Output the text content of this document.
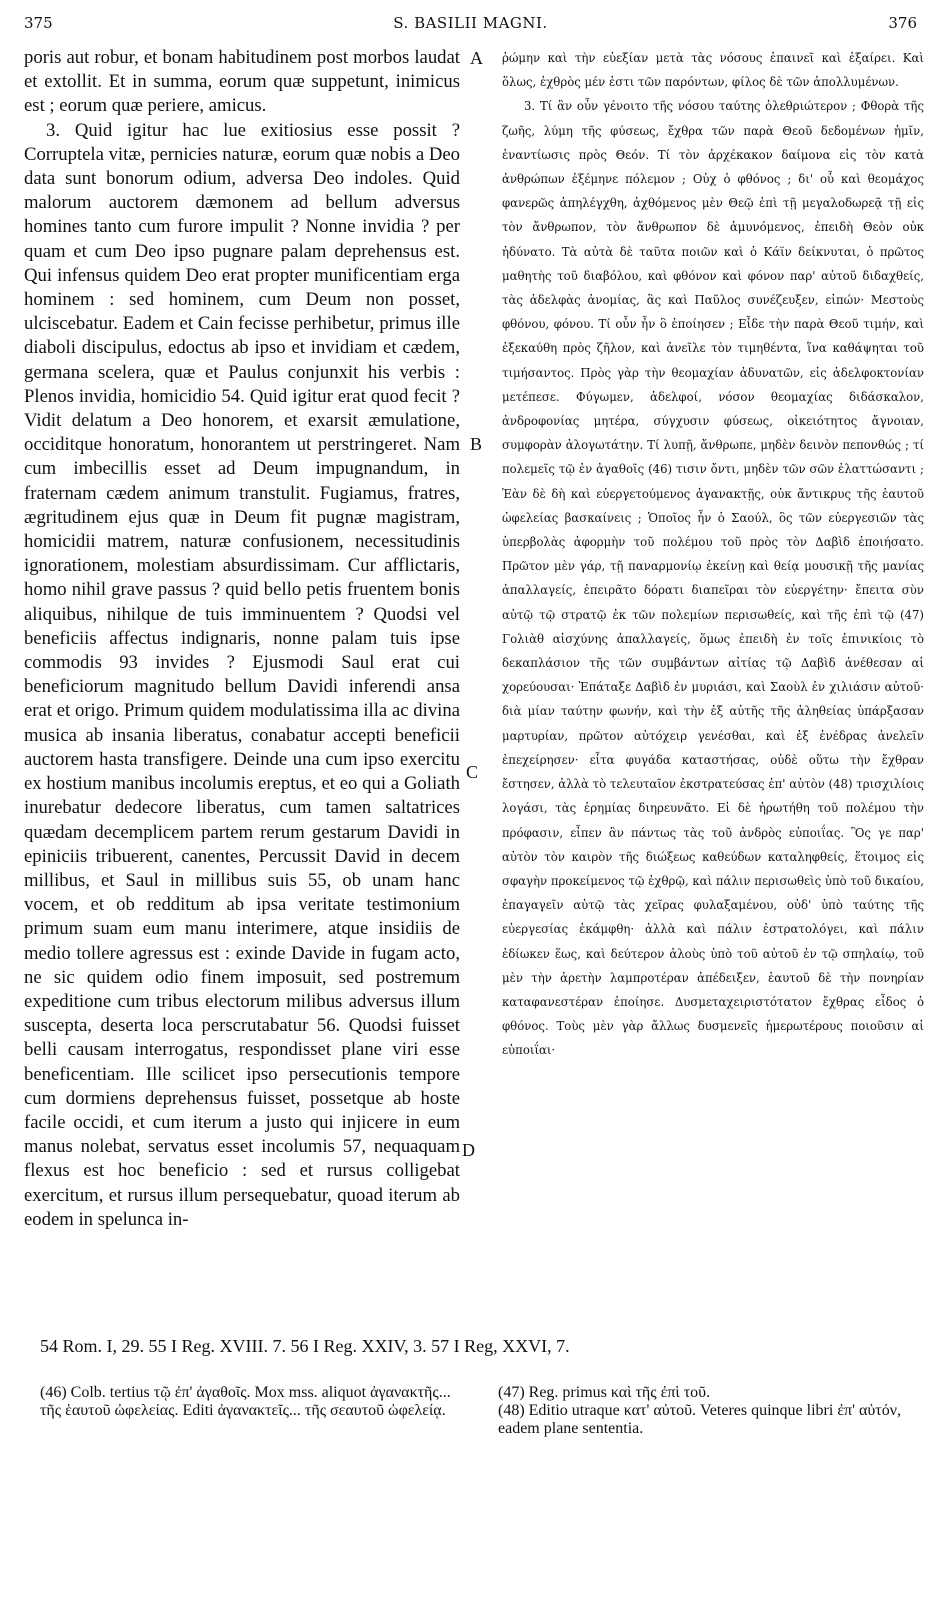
375	S. BASILII MAGNI.	376

poris aut robur, et bonam habitudinem post morbos laudat et extollit. Et in summa, eorum quæ suppetunt, inimicus est ; eorum quæ periere, amicus.

3. Quid igitur hac lue exitiosius esse possit ? Corruptela vitæ, pernicies naturæ, eorum quæ nobis a Deo data sunt bonorum odium, adversa Deo indoles. Quid malorum auctorem dæmonem ad bellum adversus homines tanto cum furore impulit ? Nonne invidia ? per quam et cum Deo ipso pugnare palam deprehensus est. Qui infensus quidem Deo erat propter munificentiam erga hominem : sed hominem, cum Deum non posset, ulciscebatur. Eadem et Cain fecisse perhibetur, primus ille diaboli discipulus, edoctus ab ipso et invidiam et cædem, germana scelera, quæ et Paulus conjunxit his verbis : Plenos invidia, homicidio 54. Quid igitur erat quod fecit ? Vidit delatum a Deo honorem, et exarsit æmulatione, occiditque honoratum, honorantem ut perstringeret. Nam cum imbecillis esset ad Deum impugnandum, in fraternam cædem animum transtulit. Fugiamus, fratres, ægritudinem ejus quæ in Deum fit pugnæ magistram, homicidii matrem, naturæ confusionem, necessitudinis ignorationem, molestiam absurdissimam. Cur afflictaris, homo nihil grave passus ? quid bello petis fruentem bonis aliquibus, nihilque de tuis imminuentem ? Quodsi vel beneficiis affectus indignaris, nonne palam tuis ipse commodis 93 invides ? Ejusmodi Saul erat cui beneficiorum magnitudo bellum Davidi inferendi ansa erat et origo. Primum quidem modulatissima illa ac divina musica ab insania liberatus, conabatur accepti beneficii auctorem hasta transfigere. Deinde una cum ipso exercitu ex hostium manibus incolumis ereptus, et eo qui a Goliath inurebatur dedecore liberatus, cum tamen saltatrices quædam decemplicem partem rerum gestarum Davidi in epiniciis tribuerent, canentes, Percussit David in decem millibus, et Saul in millibus suis 55, ob unam hanc vocem, et ob redditum ab ipsa veritate testimonium primum suam eum manu interimere, atque insidiis de medio tollere agressus est : exinde Davide in fugam acto, ne sic quidem odio finem imposuit, sed postremum expeditione cum tribus electorum milibus adversus illum suscepta, deserta loca perscrutabatur 56. Quodsi fuisset belli causam interrogatus, respondisset plane viri esse beneficentiam. Ille scilicet ipso persecutionis tempore cum dormiens deprehensus fuisset, possetque ab hoste facile occidi, et cum iterum a justo qui injicere in eum manus nolebat, servatus esset incolumis 57, nequaquam flexus est hoc beneficio : sed et rursus colligebat exercitum, et rursus illum persequebatur, quoad iterum ab eodem in spelunca in-

A
B
C
D

ῥώμην καὶ τὴν εὐεξίαν μετὰ τὰς νόσους ἐπαινεῖ καὶ ἐξαίρει. Καὶ ὅλως, ἐχθρὸς μέν ἐστι τῶν παρόντων, φίλος δὲ τῶν ἀπολλυμένων.

3. Τί ἂν οὖν γένοιτο τῆς νόσου ταύτης ὀλεθριώτερον ; Φθορὰ τῆς ζωῆς, λύμη τῆς φύσεως, ἔχθρα τῶν παρὰ Θεοῦ δεδομένων ἡμῖν, ἐναντίωσις πρὸς Θεόν. Τί τὸν ἀρχέκακον δαίμονα εἰς τὸν κατὰ ἀνθρώπων ἐξέμηνε πόλεμον ; Οὐχ ὁ φθόνος ; δι' οὗ καὶ θεομάχος φανερῶς ἀπηλέγχθη, ἀχθόμενος μὲν Θεῷ ἐπὶ τῇ μεγαλοδωρεᾷ τῇ εἰς τὸν ἄνθρωπον, τὸν ἄνθρωπον δὲ ἀμυνόμενος, ἐπειδὴ Θεὸν οὐκ ἠδύνατο. Τὰ αὐτὰ δὲ ταῦτα ποιῶν καὶ ὁ Κάϊν δείκνυται, ὁ πρῶτος μαθητὴς τοῦ διαβόλου, καὶ φθόνον καὶ φόνον παρ' αὐτοῦ διδαχθείς, τὰς ἀδελφὰς ἀνομίας, ἃς καὶ Παῦλος συνέζευξεν, εἰπών· Μεστοὺς φθόνου, φόνου. Τί οὖν ἦν ὃ ἐποίησεν ; Εἶδε τὴν παρὰ Θεοῦ τιμήν, καὶ ἐξεκαύθη πρὸς ζῆλον, καὶ ἀνεῖλε τὸν τιμηθέντα, ἵνα καθάψηται τοῦ τιμήσαντος. Πρὸς γὰρ τὴν θεομαχίαν ἀδυνατῶν, εἰς ἀδελφοκτονίαν μετέπεσε. Φύγωμεν, ἀδελφοί, νόσον θεομαχίας διδάσκαλον, ἀνδροφονίας μητέρα, σύγχυσιν φύσεως, οἰκειότητος ἄγνοιαν, συμφορὰν ἀλογωτάτην. Τί λυπῇ, ἄνθρωπε, μηδὲν δεινὸν πεπονθώς ; τί πολεμεῖς τῷ ἐν ἀγαθοῖς (46) τισιν ὄντι, μηδὲν τῶν σῶν ἐλαττώσαντι ; Ἐὰν δὲ δὴ καὶ εὐεργετούμενος ἀγανακτῇς, οὐκ ἄντικρυς τῆς ἑαυτοῦ ὠφελείας βασκαίνεις ; Ὁποῖος ἦν ὁ Σαούλ, ὃς τῶν εὐεργεσιῶν τὰς ὑπερβολὰς ἀφορμὴν τοῦ πολέμου τοῦ πρὸς τὸν Δαβὶδ ἐποιήσατο. Πρῶτον μὲν γάρ, τῇ παναρμονίῳ ἐκείνῃ καὶ θείᾳ μουσικῇ τῆς μανίας ἀπαλλαγείς, ἐπειρᾶτο δόρατι διαπεῖραι τὸν εὐεργέτην· ἔπειτα σὺν αὐτῷ τῷ στρατῷ ἐκ τῶν πολεμίων περισωθείς, καὶ τῆς ἐπὶ τῷ (47) Γολιὰθ αἰσχύνης ἀπαλλαγείς, ὅμως ἐπειδὴ ἐν τοῖς ἐπινικίοις τὸ δεκαπλάσιον τῆς τῶν συμβάντων αἰτίας τῷ Δαβὶδ ἀνέθεσαν αἱ χορεύουσαι· Ἐπάταξε Δαβὶδ ἐν μυριάσι, καὶ Σαοὺλ ἐν χιλιάσιν αὐτοῦ· διὰ μίαν ταύτην φωνήν, καὶ τὴν ἐξ αὐτῆς τῆς ἀληθείας ὑπάρξασαν μαρτυρίαν, πρῶτον αὐτόχειρ γενέσθαι, καὶ ἐξ ἐνέδρας ἀνελεῖν ἐπεχείρησεν· εἶτα φυγάδα καταστήσας, οὐδὲ οὕτω τὴν ἔχθραν ἔστησεν, ἀλλὰ τὸ τελευταῖον ἐκστρατεύσας ἐπ' αὐτὸν (48) τρισχιλίοις λογάσι, τὰς ἐρημίας διηρευνᾶτο. Εἰ δὲ ἠρωτήθη τοῦ πολέμου τὴν πρόφασιν, εἶπεν ἂν πάντως τὰς τοῦ ἀνδρὸς εὐποιΐας. Ὃς γε παρ' αὐτὸν τὸν καιρὸν τῆς διώξεως καθεύδων καταληφθείς, ἕτοιμος εἰς σφαγὴν προκείμενος τῷ ἐχθρῷ, καὶ πάλιν περισωθεὶς ὑπὸ τοῦ δικαίου, ἐπαγαγεῖν αὐτῷ τὰς χεῖρας φυλαξαμένου, οὐδ' ὑπὸ ταύτης τῆς εὐεργεσίας ἐκάμφθη· ἀλλὰ καὶ πάλιν ἐστρατολόγει, καὶ πάλιν ἐδίωκεν ἕως, καὶ δεύτερον ἁλοὺς ὑπὸ τοῦ αὐτοῦ ἐν τῷ σπηλαίῳ, τοῦ μὲν τὴν ἀρετὴν λαμπροτέραν ἀπέδειξεν, ἑαυτοῦ δὲ τὴν πονηρίαν καταφανεστέραν ἐποίησε. Δυσμεταχειριστότατον ἔχθρας εἶδος ὁ φθόνος. Τοὺς μὲν γὰρ ἄλλως δυσμενεῖς ἡμερωτέρους ποιοῦσιν αἱ εὐποιΐαι·

54 Rom. I, 29. 55 I Reg. XVIII. 7. 56 I Reg. XXIV, 3. 57 I Reg, XXVI, 7.

(46) Colb. tertius τῷ ἐπ' ἀγαθοῖς. Mox mss. aliquot ἀγανακτῆς... τῆς ἑαυτοῦ ὠφελείας. Editi ἀγανακτεῖς... τῆς σεαυτοῦ ὠφελείᾳ.

(47) Reg. primus καὶ τῆς ἐπὶ τοῦ.

(48) Editio utraque κατ' αὐτοῦ. Veteres quinque libri ἐπ' αὐτόν, eadem plane sententia.
